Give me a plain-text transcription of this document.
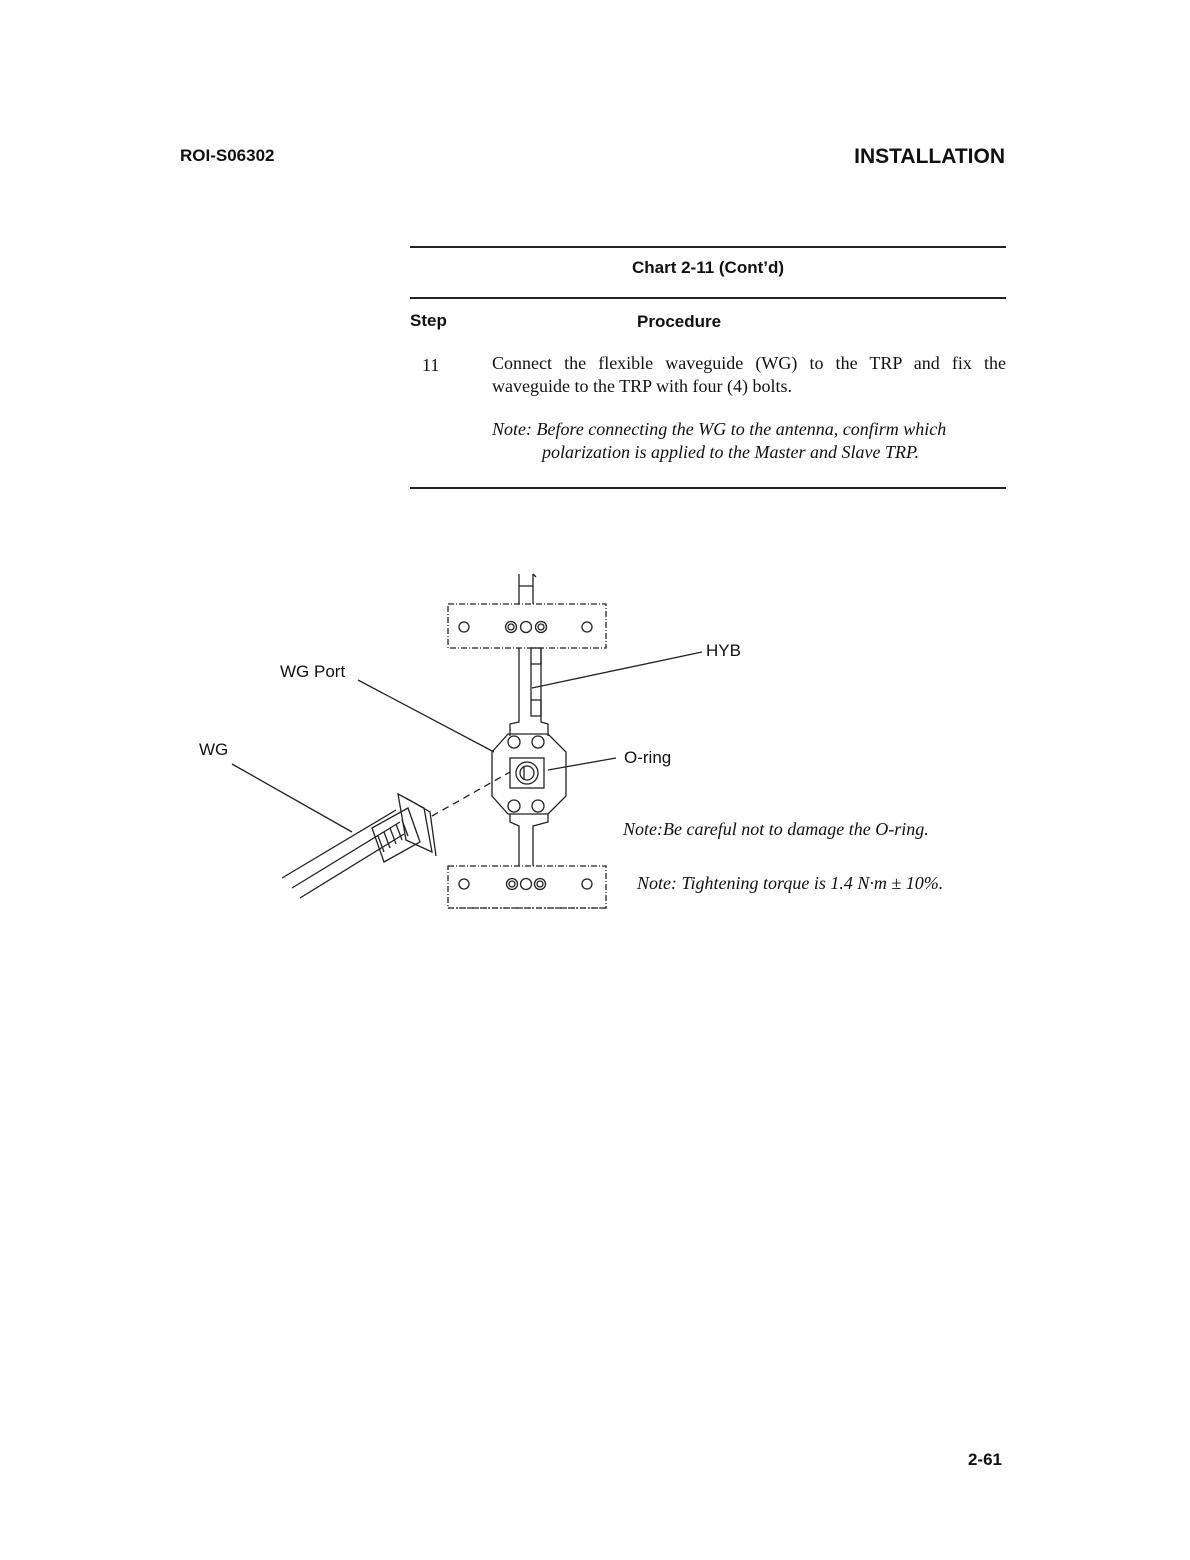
ROI-S06302	INSTALLATION
Chart 2-11 (Cont’d)
Step	Procedure
11	Connect the flexible waveguide (WG) to the TRP and fix the waveguide to the TRP with four (4) bolts.
Note: Before connecting the WG to the antenna, confirm which
polarization is applied to the Master and Slave TRP.
WG Port
WG
HYB
O-ring
Note:Be careful not to damage the O-ring.
Note: Tightening torque is 1.4 N·m ± 10%.
2-61
